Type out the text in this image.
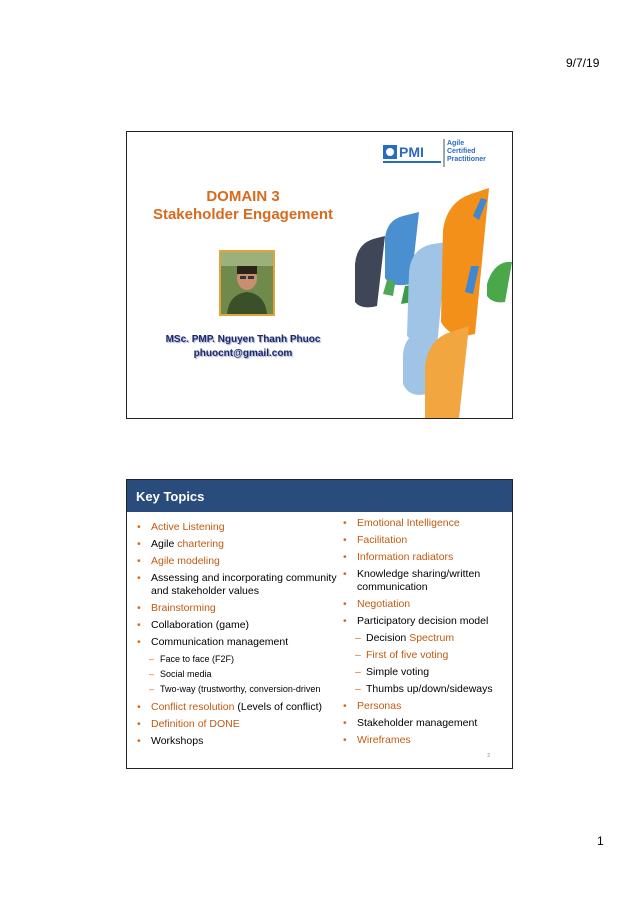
9/7/19
DOMAIN 3
Stakeholder Engagement
MSc. PMP. Nguyen Thanh Phuoc
phuocnt@gmail.com
PMI
Agile
Certified
Practitioner
Key Topics
• Active Listening
• Agile chartering
• Agile modeling
• Assessing and incorporating community and stakeholder values
• Brainstorming
• Collaboration (game)
• Communication management
– Face to face (F2F)
– Social media
– Two-way (trustworthy, conversion-driven
• Conflict resolution (Levels of conflict)
• Definition of DONE
• Workshops
• Emotional Intelligence
• Facilitation
• Information radiators
• Knowledge sharing/written communication
• Negotiation
• Participatory decision model
– Decision Spectrum
– First of five voting
– Simple voting
– Thumbs up/down/sideways
• Personas
• Stakeholder management
• Wireframes
2
1
